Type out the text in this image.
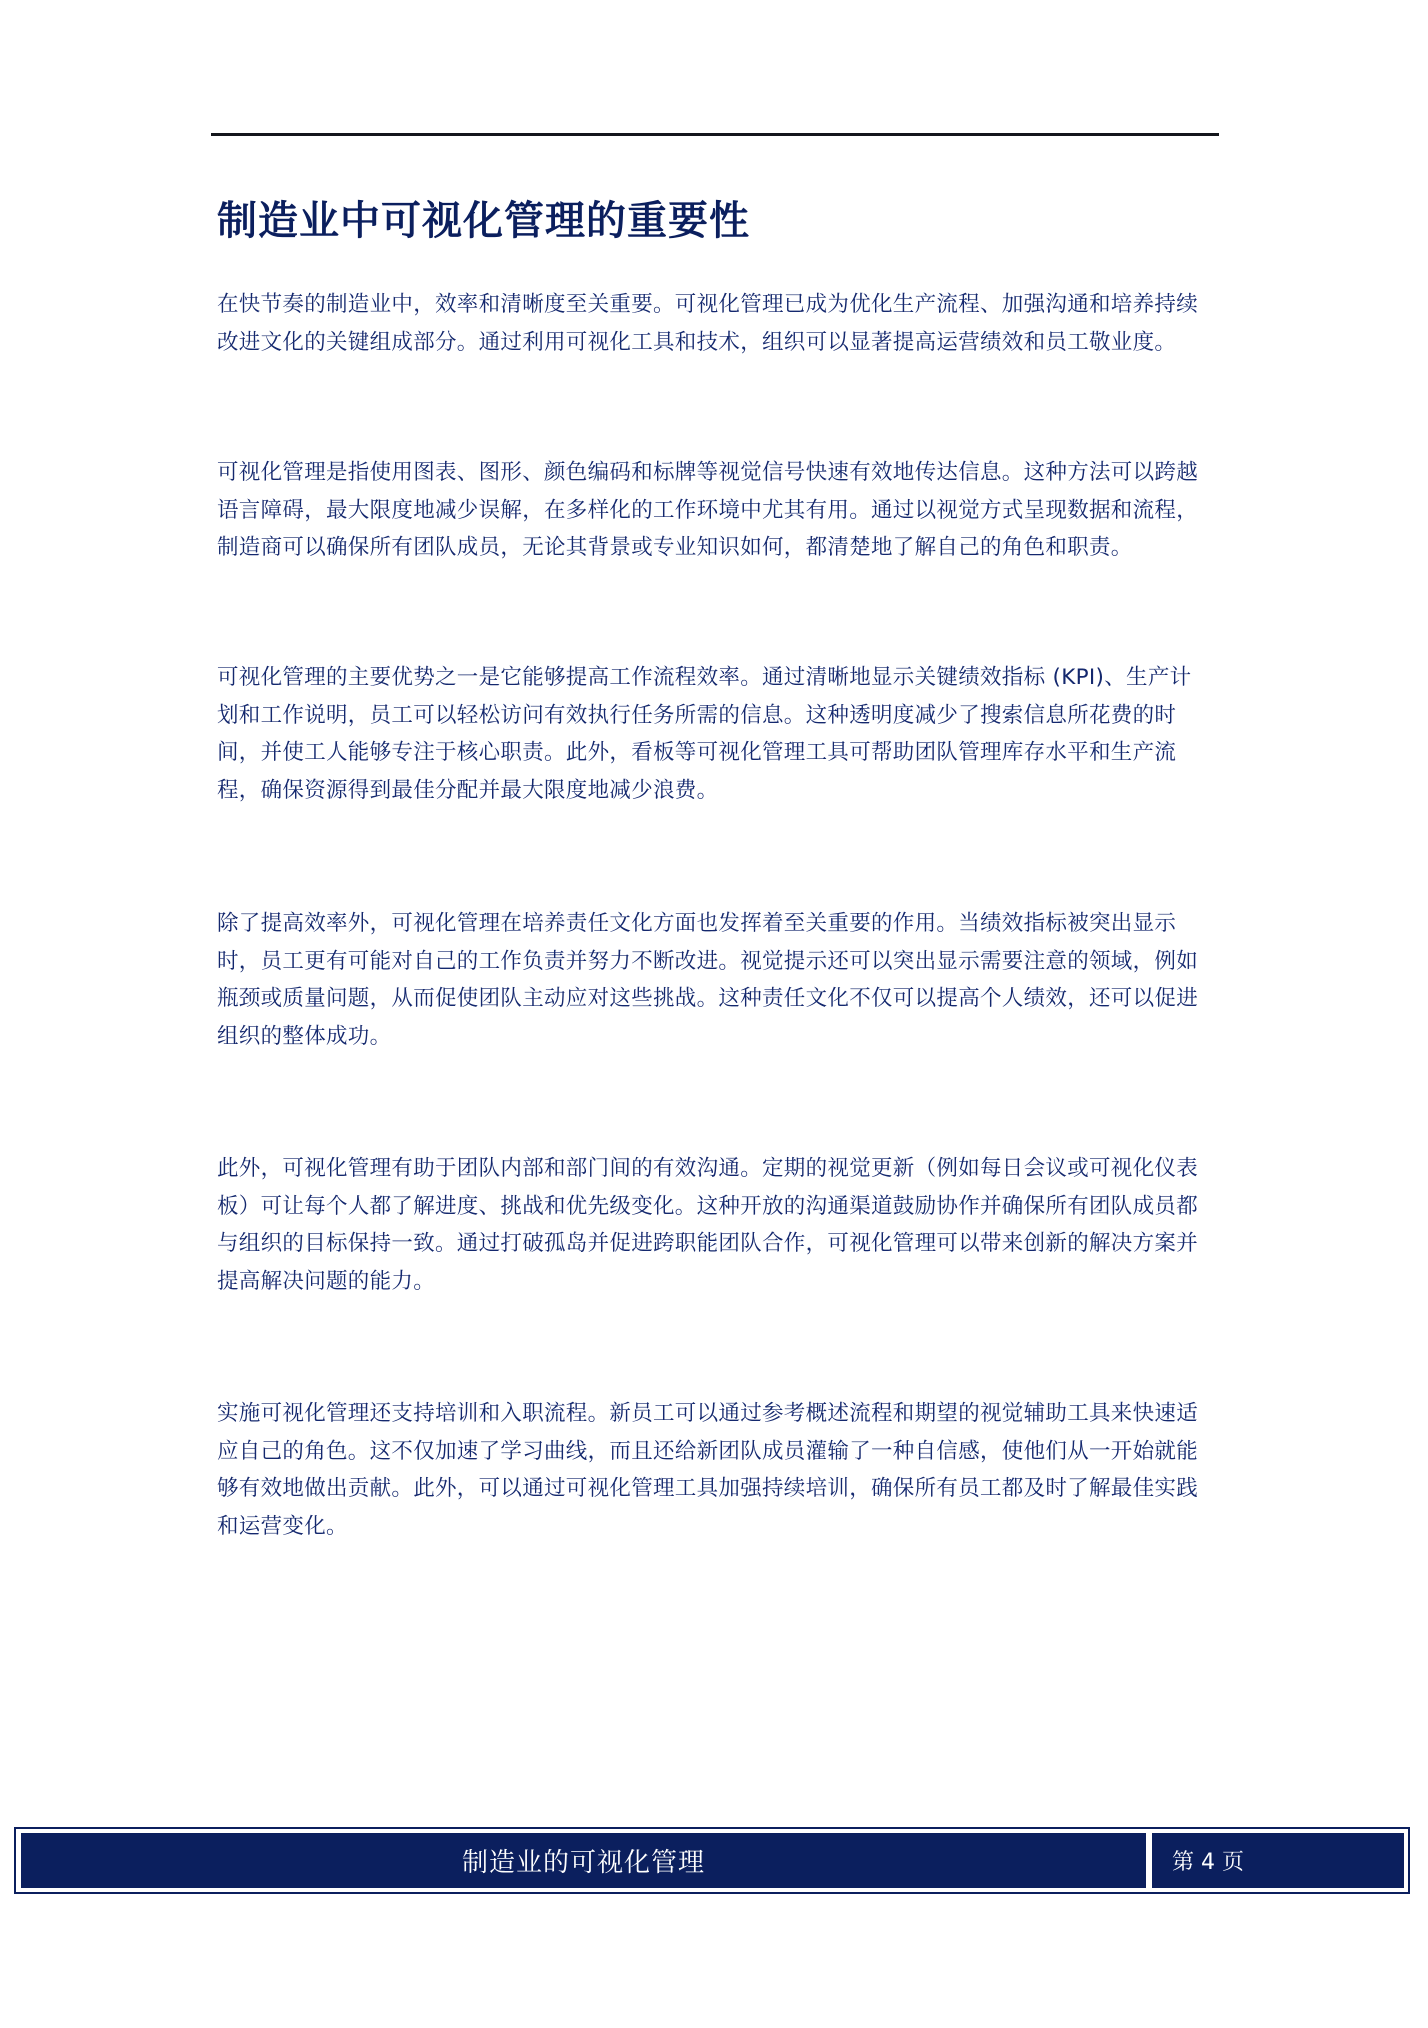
制造业中可视化管理的重要性

在快节奏的制造业中，效率和清晰度至关重要。可视化管理已成为优化生产流程、加强沟通和培养持续改进文化的关键组成部分。通过利用可视化工具和技术，组织可以显著提高运营绩效和员工敬业度。

可视化管理是指使用图表、图形、颜色编码和标牌等视觉信号快速有效地传达信息。这种方法可以跨越语言障碍，最大限度地减少误解，在多样化的工作环境中尤其有用。通过以视觉方式呈现数据和流程，制造商可以确保所有团队成员，无论其背景或专业知识如何，都清楚地了解自己的角色和职责。

可视化管理的主要优势之一是它能够提高工作流程效率。通过清晰地显示关键绩效指标 (KPI)、生产计划和工作说明，员工可以轻松访问有效执行任务所需的信息。这种透明度减少了搜索信息所花费的时间，并使工人能够专注于核心职责。此外，看板等可视化管理工具可帮助团队管理库存水平和生产流程，确保资源得到最佳分配并最大限度地减少浪费。

除了提高效率外，可视化管理在培养责任文化方面也发挥着至关重要的作用。当绩效指标被突出显示时，员工更有可能对自己的工作负责并努力不断改进。视觉提示还可以突出显示需要注意的领域，例如瓶颈或质量问题，从而促使团队主动应对这些挑战。这种责任文化不仅可以提高个人绩效，还可以促进组织的整体成功。

此外，可视化管理有助于团队内部和部门间的有效沟通。定期的视觉更新（例如每日会议或可视化仪表板）可让每个人都了解进度、挑战和优先级变化。这种开放的沟通渠道鼓励协作并确保所有团队成员都与组织的目标保持一致。通过打破孤岛并促进跨职能团队合作，可视化管理可以带来创新的解决方案并提高解决问题的能力。

实施可视化管理还支持培训和入职流程。新员工可以通过参考概述流程和期望的视觉辅助工具来快速适应自己的角色。这不仅加速了学习曲线，而且还给新团队成员灌输了一种自信感，使他们从一开始就能够有效地做出贡献。此外，可以通过可视化管理工具加强持续培训，确保所有员工都及时了解最佳实践和运营变化。

制造业的可视化管理	第 4 页
